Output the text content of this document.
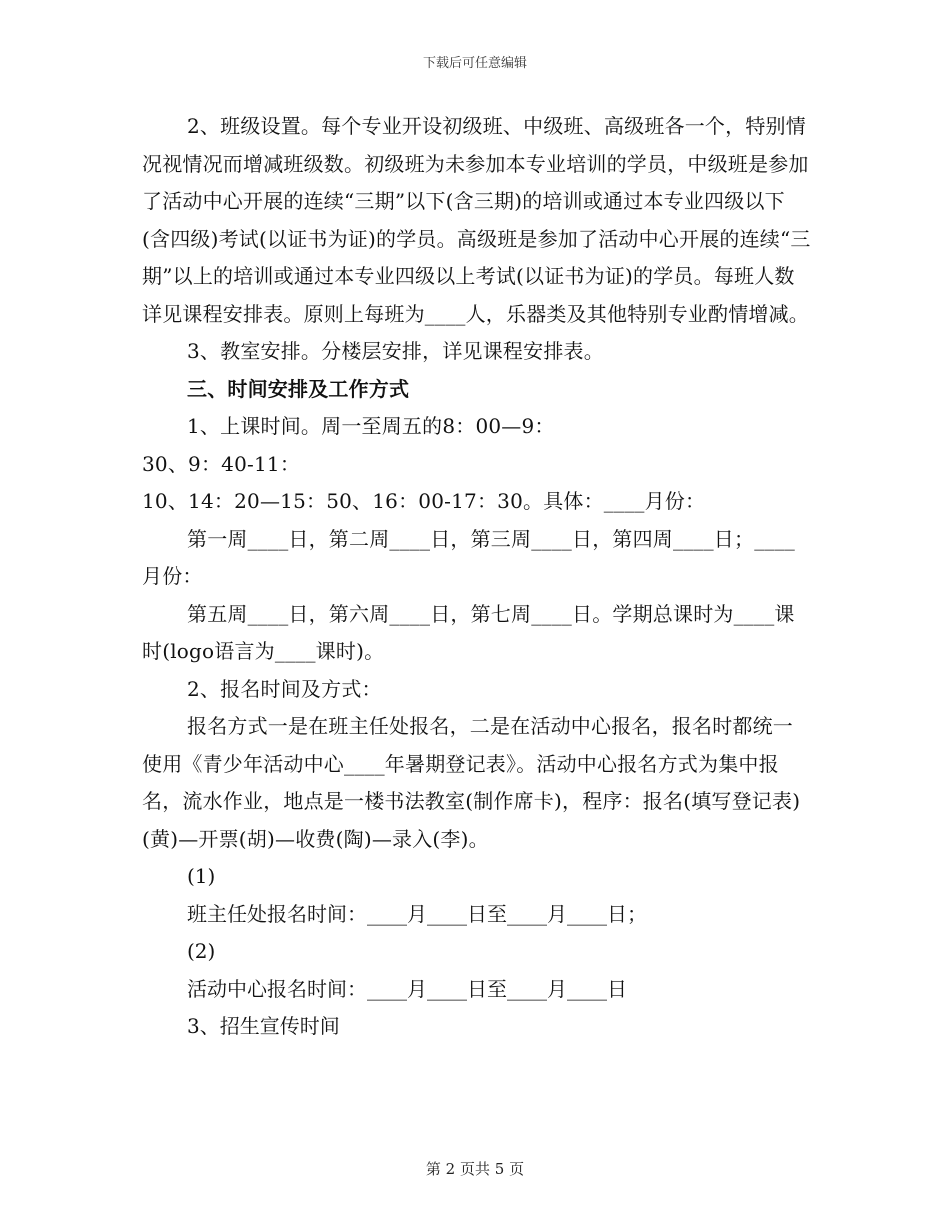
下载后可任意编辑

2、班级设置。每个专业开设初级班、中级班、高级班各一个，特别情况视情况而增减班级数。初级班为未参加本专业培训的学员，中级班是参加了活动中心开展的连续“三期”以下(含三期)的培训或通过本专业四级以下(含四级)考试(以证书为证)的学员。高级班是参加了活动中心开展的连续“三期”以上的培训或通过本专业四级以上考试(以证书为证)的学员。每班人数详见课程安排表。原则上每班为____人，乐器类及其他特别专业酌情增减。

3、教室安排。分楼层安排，详见课程安排表。

三、时间安排及工作方式

1、上课时间。周一至周五的8：00—9：

30、9：40-11：

10、14：20—15：50、16：00-17：30。具体：____月份：

第一周____日，第二周____日，第三周____日，第四周____日；____月份：

第五周____日，第六周____日，第七周____日。学期总课时为____课时(logo语言为____课时)。

2、报名时间及方式：

报名方式一是在班主任处报名，二是在活动中心报名，报名时都统一使用《青少年活动中心____年暑期登记表》。活动中心报名方式为集中报名，流水作业，地点是一楼书法教室(制作席卡)，程序：报名(填写登记表)(黄)—开票(胡)—收费(陶)—录入(李)。

(1)

班主任处报名时间：____月____日至____月____日；

(2)

活动中心报名时间：____月____日至____月____日

3、招生宣传时间

第 2 页共 5 页
